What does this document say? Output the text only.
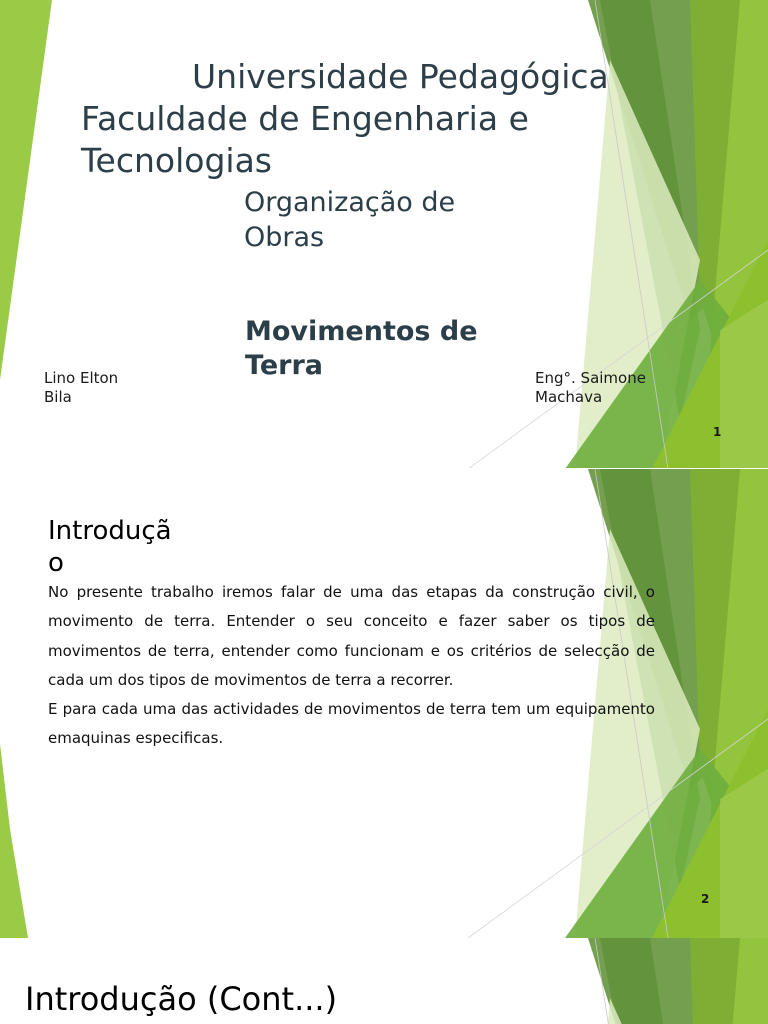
Universidade Pedagógica
Faculdade de Engenharia e
Tecnologias
Organização de
Obras
Movimentos de
Terra
Lino Elton
Bila
Eng°. Saimone
Machava
1
Introduçã
o

No presente trabalho iremos falar de uma das etapas da construção civil, o movimento de terra. Entender o seu conceito e fazer saber os tipos de movimentos de terra, entender como funcionam e os critérios de selecção de cada um dos tipos de movimentos de terra a recorrer.

E para cada uma das actividades de movimentos de terra tem um equipamento emaquinas especificas.

2
Introdução (Cont...)
